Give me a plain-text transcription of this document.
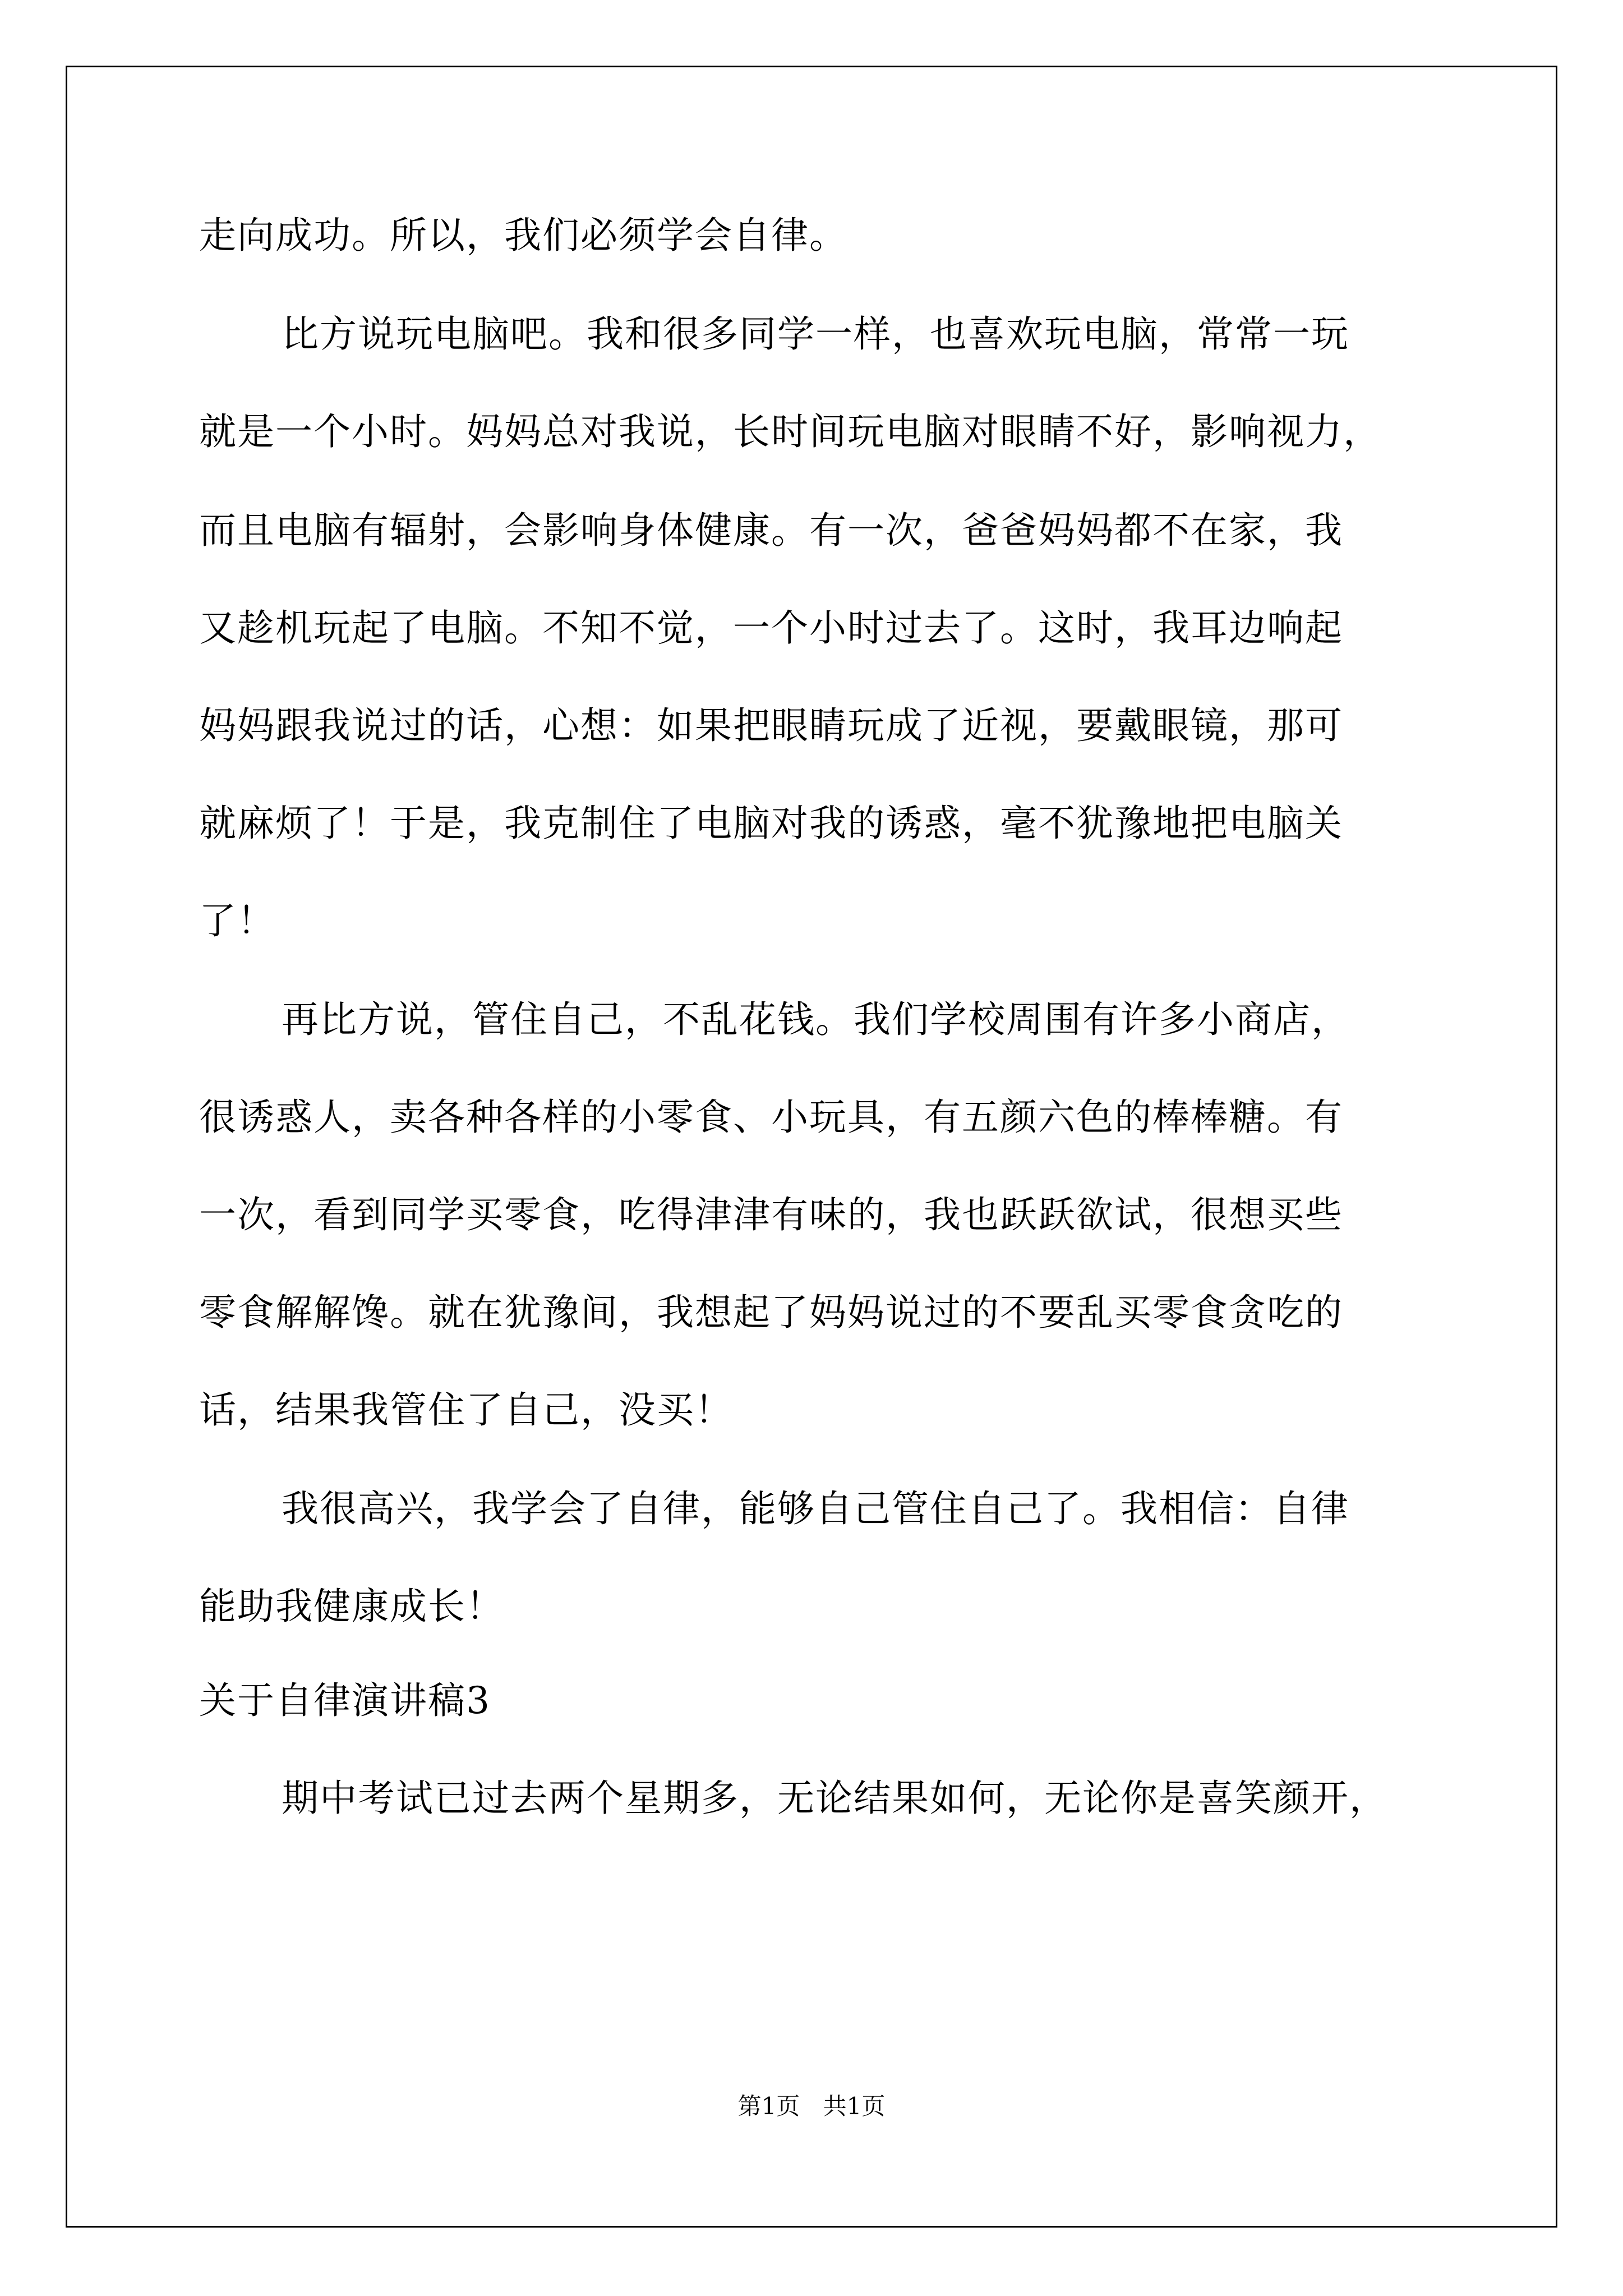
走向成功。所以，我们必须学会自律。
比方说玩电脑吧。我和很多同学一样，也喜欢玩电脑，常常一玩
就是一个小时。妈妈总对我说，长时间玩电脑对眼睛不好，影响视力，
而且电脑有辐射，会影响身体健康。有一次，爸爸妈妈都不在家，我
又趁机玩起了电脑。不知不觉，一个小时过去了。这时，我耳边响起
妈妈跟我说过的话，心想：如果把眼睛玩成了近视，要戴眼镜，那可
就麻烦了！于是，我克制住了电脑对我的诱惑，毫不犹豫地把电脑关
了！
再比方说，管住自己，不乱花钱。我们学校周围有许多小商店，
很诱惑人，卖各种各样的小零食、小玩具，有五颜六色的棒棒糖。有
一次，看到同学买零食，吃得津津有味的，我也跃跃欲试，很想买些
零食解解馋。就在犹豫间，我想起了妈妈说过的不要乱买零食贪吃的
话，结果我管住了自己，没买！
我很高兴，我学会了自律，能够自己管住自己了。我相信：自律
能助我健康成长！
关于自律演讲稿3
期中考试已过去两个星期多，无论结果如何，无论你是喜笑颜开，
第1页 共1页
